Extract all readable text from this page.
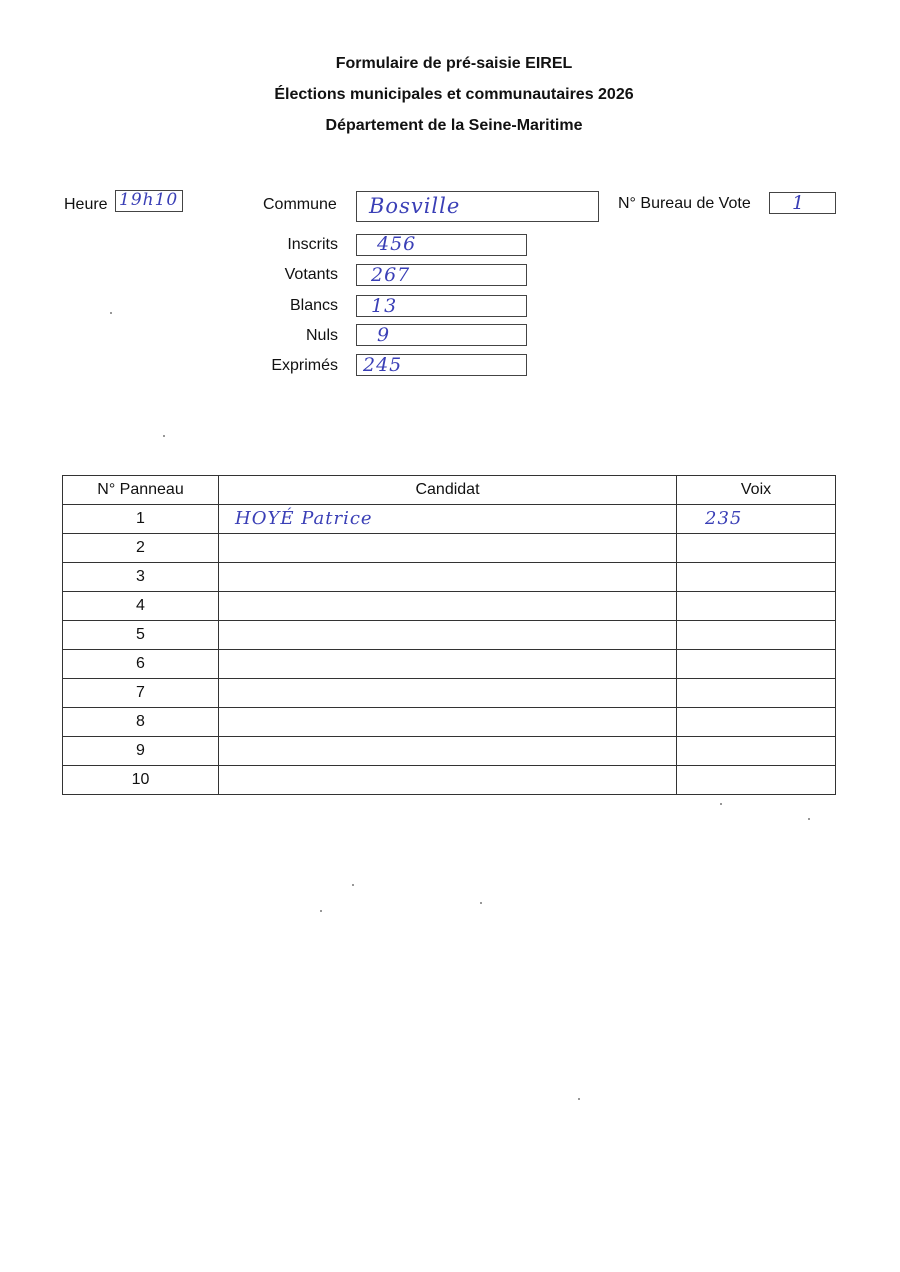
Formulaire de pré-saisie EIREL
Élections municipales et communautaires 2026
Département de la Seine-Maritime
Heure 19h10	Commune Bosville	N° Bureau de Vote 1
Inscrits 456
Votants 267
Blancs 13
Nuls 9
Exprimés 245
N° Panneau	Candidat	Voix
1	HOYÉ Patrice	235

2		
3		
4		
5		
6		
7		
8		
9		
10		
